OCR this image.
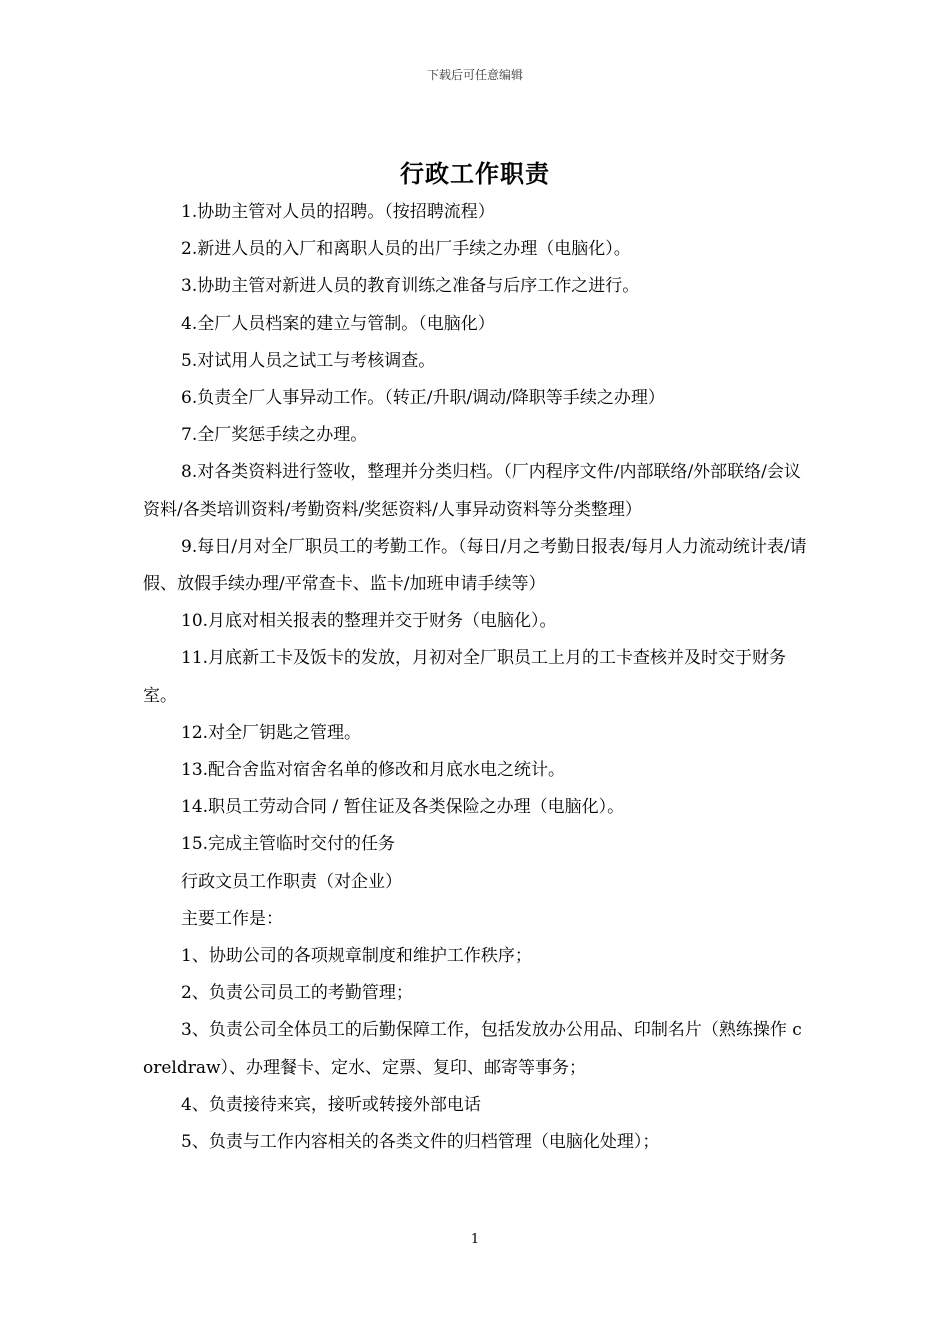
下载后可任意编辑
行政工作职责

1.协助主管对人员的招聘。（按招聘流程）

2.新进人员的入厂和离职人员的出厂手续之办理（电脑化）。

3.协助主管对新进人员的教育训练之准备与后序工作之进行。

4.全厂人员档案的建立与管制。（电脑化）

5.对试用人员之试工与考核调查。

6.负责全厂人事异动工作。（转正/升职/调动/降职等手续之办理）

7.全厂奖惩手续之办理。

8.对各类资料进行签收，整理并分类归档。（厂内程序文件/内部联络/外部联络/会议资料/各类培训资料/考勤资料/奖惩资料/人事异动资料等分类整理）

9.每日/月对全厂职员工的考勤工作。（每日/月之考勤日报表/每月人力流动统计表/请假、放假手续办理/平常查卡、监卡/加班申请手续等）

10.月底对相关报表的整理并交于财务（电脑化）。

11.月底新工卡及饭卡的发放，月初对全厂职员工上月的工卡查核并及时交于财务室。

12.对全厂钥匙之管理。

13.配合舍监对宿舍名单的修改和月底水电之统计。

14.职员工劳动合同 / 暂住证及各类保险之办理（电脑化）。

15.完成主管临时交付的任务

行政文员工作职责（对企业）

主要工作是：

1、协助公司的各项规章制度和维护工作秩序；

2、负责公司员工的考勤管理；

3、负责公司全体员工的后勤保障工作，包括发放办公用品、印制名片（熟练操作 coreldraw）、办理餐卡、定水、定票、复印、邮寄等事务；

4、负责接待来宾，接听或转接外部电话

5、负责与工作内容相关的各类文件的归档管理（电脑化处理）；

1
